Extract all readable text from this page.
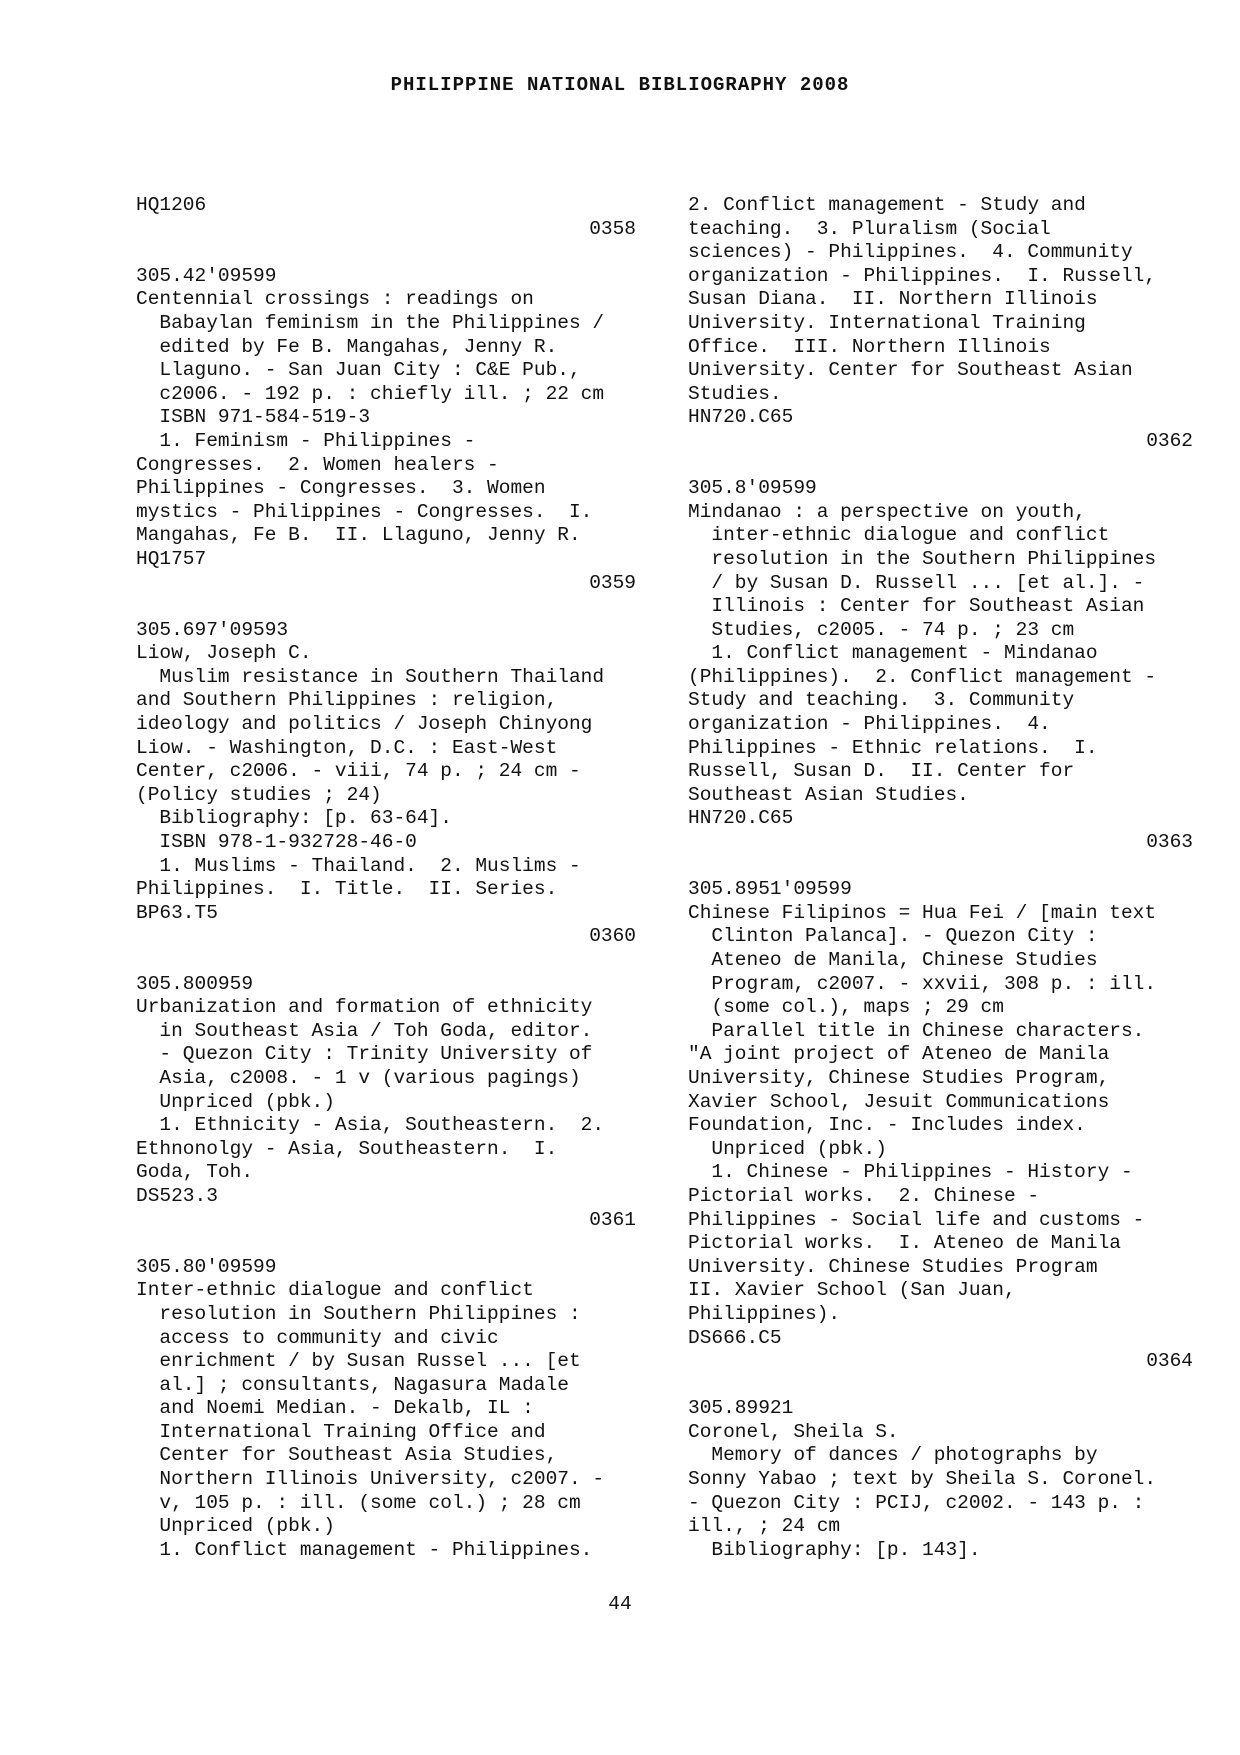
PHILIPPINE NATIONAL BIBLIOGRAPHY 2008
HQ1206
0358
305.42'09599
Centennial crossings : readings on
Babaylan feminism in the Philippines /
edited by Fe B. Mangahas, Jenny R.
Llaguno. - San Juan City : C&E Pub.,
c2006. - 192 p. : chiefly ill. ; 22 cm
ISBN 971-584-519-3
1. Feminism - Philippines -
Congresses.  2. Women healers -
Philippines - Congresses.  3. Women
mystics - Philippines - Congresses.  I.
Mangahas, Fe B.  II. Llaguno, Jenny R.
HQ1757
0359
305.697'09593
Liow, Joseph C.
Muslim resistance in Southern Thailand
and Southern Philippines : religion,
ideology and politics / Joseph Chinyong
Liow. - Washington, D.C. : East-West
Center, c2006. - viii, 74 p. ; 24 cm -
(Policy studies ; 24)
Bibliography: [p. 63-64].
ISBN 978-1-932728-46-0
1. Muslims - Thailand.  2. Muslims -
Philippines.  I. Title.  II. Series.
BP63.T5
0360
305.800959
Urbanization and formation of ethnicity
in Southeast Asia / Toh Goda, editor.
- Quezon City : Trinity University of
Asia, c2008. - 1 v (various pagings)
Unpriced (pbk.)
1. Ethnicity - Asia, Southeastern.  2.
Ethnonolgy - Asia, Southeastern.  I.
Goda, Toh.
DS523.3
0361
305.80'09599
Inter-ethnic dialogue and conflict
resolution in Southern Philippines :
access to community and civic
enrichment / by Susan Russel ... [et
al.] ; consultants, Nagasura Madale
and Noemi Median. - Dekalb, IL :
International Training Office and
Center for Southeast Asia Studies,
Northern Illinois University, c2007. -
v, 105 p. : ill. (some col.) ; 28 cm
Unpriced (pbk.)
1. Conflict management - Philippines.
2. Conflict management - Study and
teaching.  3. Pluralism (Social
sciences) - Philippines.  4. Community
organization - Philippines.  I. Russell,
Susan Diana.  II. Northern Illinois
University. International Training
Office.  III. Northern Illinois
University. Center for Southeast Asian
Studies.
HN720.C65
0362
305.8'09599
Mindanao : a perspective on youth,
inter-ethnic dialogue and conflict
resolution in the Southern Philippines
/ by Susan D. Russell ... [et al.]. -
Illinois : Center for Southeast Asian
Studies, c2005. - 74 p. ; 23 cm
1. Conflict management - Mindanao
(Philippines).  2. Conflict management -
Study and teaching.  3. Community
organization - Philippines.  4.
Philippines - Ethnic relations.  I.
Russell, Susan D.  II. Center for
Southeast Asian Studies.
HN720.C65
0363
305.8951'09599
Chinese Filipinos = Hua Fei / [main text
Clinton Palanca]. - Quezon City :
Ateneo de Manila, Chinese Studies
Program, c2007. - xxvii, 308 p. : ill.
(some col.), maps ; 29 cm
Parallel title in Chinese characters.
"A joint project of Ateneo de Manila
University, Chinese Studies Program,
Xavier School, Jesuit Communications
Foundation, Inc. - Includes index.
Unpriced (pbk.)
1. Chinese - Philippines - History -
Pictorial works.  2. Chinese -
Philippines - Social life and customs -
Pictorial works.  I. Ateneo de Manila
University. Chinese Studies Program
II. Xavier School (San Juan,
Philippines).
DS666.C5
0364
305.89921
Coronel, Sheila S.
Memory of dances / photographs by
Sonny Yabao ; text by Sheila S. Coronel.
- Quezon City : PCIJ, c2002. - 143 p. :
ill., ; 24 cm
Bibliography: [p. 143].
44
